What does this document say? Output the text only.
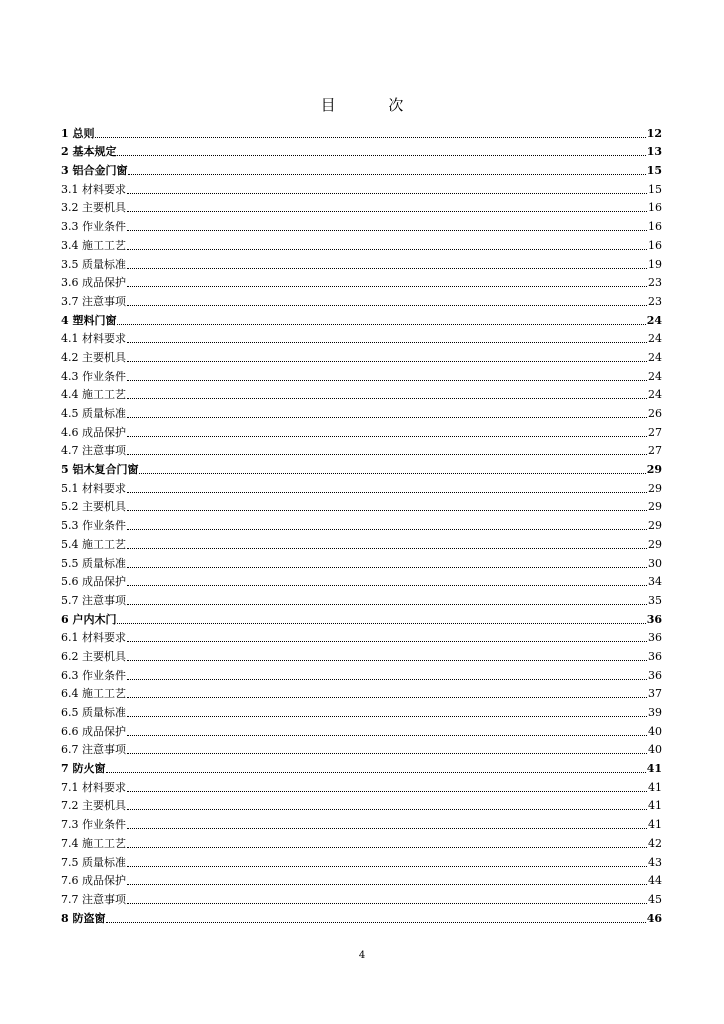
目 次
1 总则	12
2 基本规定	13
3 铝合金门窗	15
3.1 材料要求	15
3.2 主要机具	16
3.3 作业条件	16
3.4 施工工艺	16
3.5 质量标准	19
3.6 成品保护	23
3.7 注意事项	23
4 塑料门窗	24
4.1 材料要求	24
4.2 主要机具	24
4.3 作业条件	24
4.4 施工工艺	24
4.5 质量标准	26
4.6 成品保护	27
4.7 注意事项	27
5 铝木复合门窗	29
5.1 材料要求	29
5.2 主要机具	29
5.3 作业条件	29
5.4 施工工艺	29
5.5 质量标准	30
5.6 成品保护	34
5.7 注意事项	35
6 户内木门	36
6.1 材料要求	36
6.2 主要机具	36
6.3 作业条件	36
6.4 施工工艺	37
6.5 质量标准	39
6.6 成品保护	40
6.7 注意事项	40
7 防火窗	41
7.1 材料要求	41
7.2 主要机具	41
7.3 作业条件	41
7.4 施工工艺	42
7.5 质量标准	43
7.6 成品保护	44
7.7 注意事项	45
8 防盗窗	46

4
